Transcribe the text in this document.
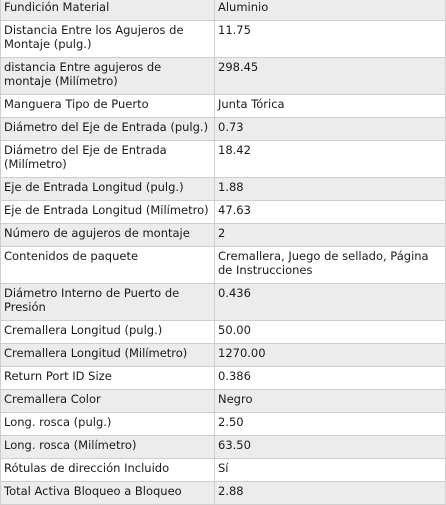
Fundición Material	Aluminio
Distancia Entre los Agujeros de Montaje (pulg.)	11.75
distancia Entre agujeros de montaje (Milímetro)	298.45
Manguera Tipo de Puerto	Junta Tórica
Diámetro del Eje de Entrada (pulg.)	0.73
Diámetro del Eje de Entrada (Milímetro)	18.42
Eje de Entrada Longitud (pulg.)	1.88
Eje de Entrada Longitud (Milímetro)	47.63
Número de agujeros de montaje	2
Contenidos de paquete	Cremallera, Juego de sellado, Página de Instrucciones
Diámetro Interno de Puerto de Presión	0.436
Cremallera Longitud (pulg.)	50.00
Cremallera Longitud (Milímetro)	1270.00
Return Port ID Size	0.386
Cremallera Color	Negro
Long. rosca (pulg.)	2.50
Long. rosca (Milímetro)	63.50
Rótulas de dirección Incluido	Sí
Total Activa Bloqueo a Bloqueo	2.88
